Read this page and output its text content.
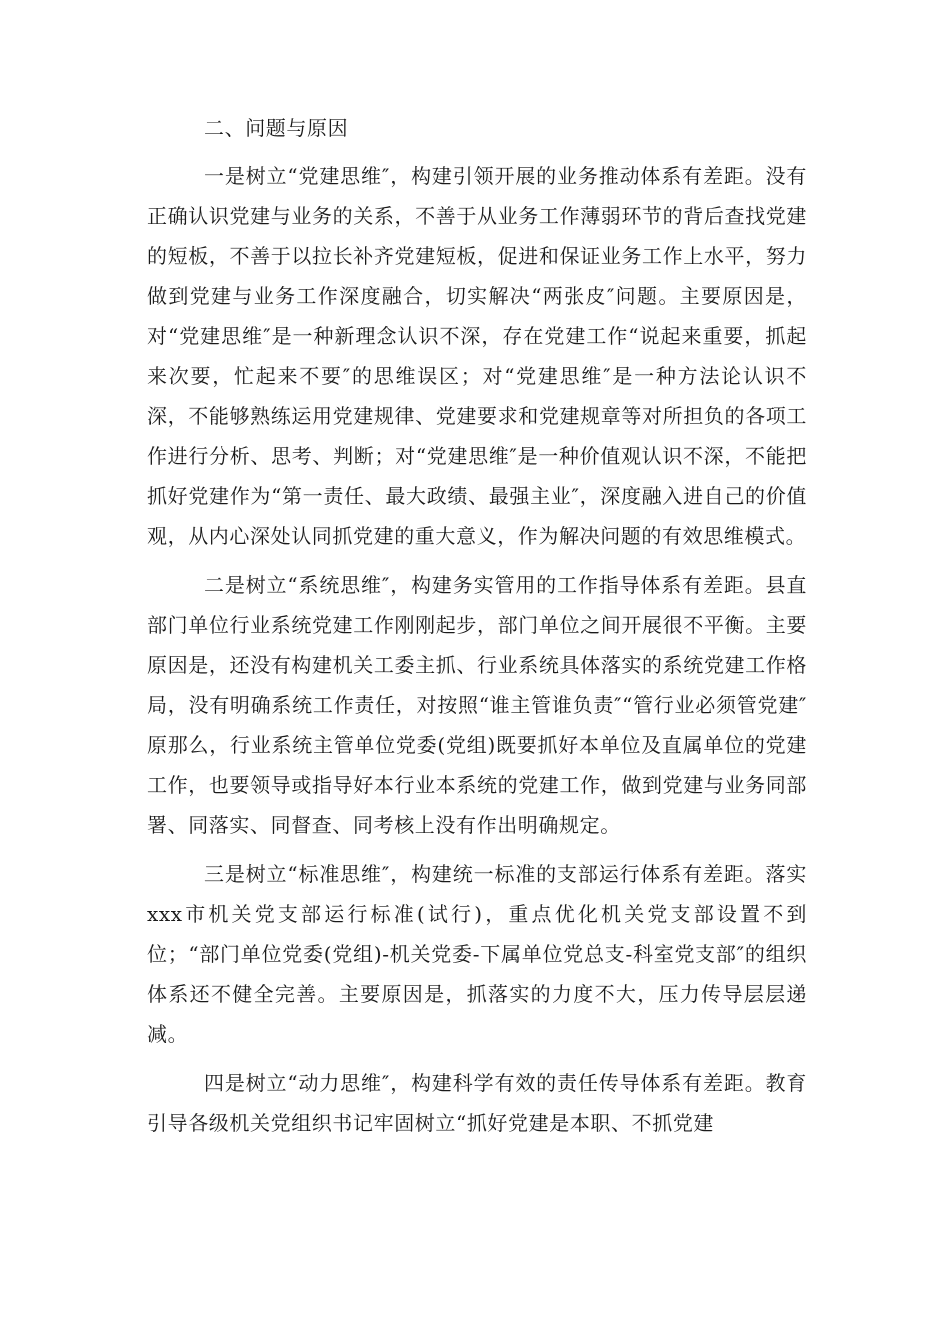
二、问题与原因

一是树立“党建思维″，构建引领开展的业务推动体系有差距。没有正确认识党建与业务的关系，不善于从业务工作薄弱环节的背后查找党建的短板，不善于以拉长补齐党建短板，促进和保证业务工作上水平，努力做到党建与业务工作深度融合，切实解决“两张皮″问题。主要原因是，对“党建思维″是一种新理念认识不深，存在党建工作“说起来重要，抓起来次要，忙起来不要″的思维误区；对“党建思维″是一种方法论认识不深，不能够熟练运用党建规律、党建要求和党建规章等对所担负的各项工作进行分析、思考、判断；对“党建思维″是一种价值观认识不深，不能把抓好党建作为“第一责任、最大政绩、最强主业″，深度融入进自己的价值观，从内心深处认同抓党建的重大意义，作为解决问题的有效思维模式。

二是树立“系统思维″，构建务实管用的工作指导体系有差距。县直部门单位行业系统党建工作刚刚起步，部门单位之间开展很不平衡。主要原因是，还没有构建机关工委主抓、行业系统具体落实的系统党建工作格局，没有明确系统工作责任，对按照“谁主管谁负责″“管行业必须管党建″原那么，行业系统主管单位党委(党组)既要抓好本单位及直属单位的党建工作，也要领导或指导好本行业本系统的党建工作，做到党建与业务同部署、同落实、同督查、同考核上没有作出明确规定。

三是树立“标准思维″，构建统一标准的支部运行体系有差距。落实xxx市机关党支部运行标准(试行)，重点优化机关党支部设置不到位；“部门单位党委(党组)-机关党委-下属单位党总支-科室党支部″的组织体系还不健全完善。主要原因是，抓落实的力度不大，压力传导层层递减。

四是树立“动力思维″，构建科学有效的责任传导体系有差距。教育引导各级机关党组织书记牢固树立“抓好党建是本职、不抓党建
